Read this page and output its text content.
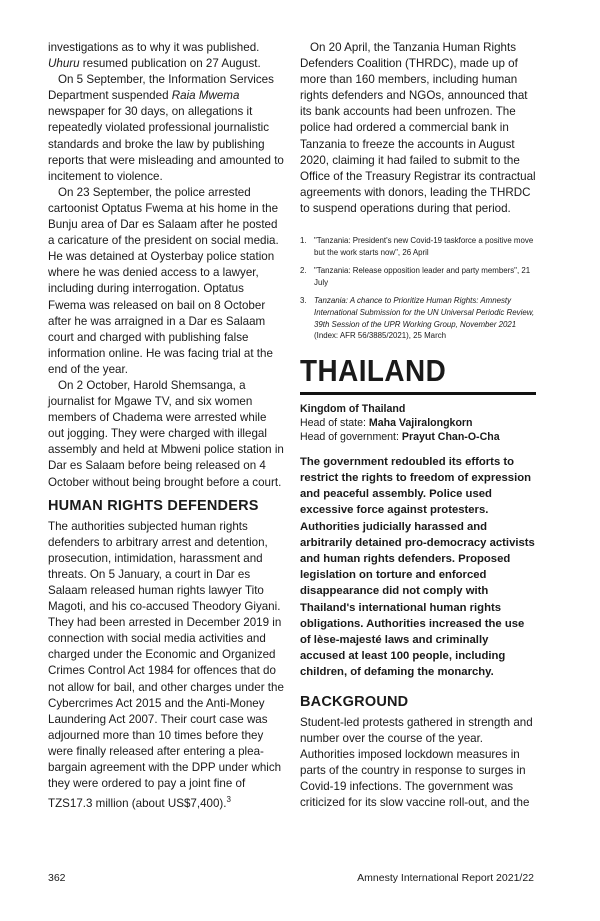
investigations as to why it was published. Uhuru resumed publication on 27 August.

On 5 September, the Information Services Department suspended Raia Mwema newspaper for 30 days, on allegations it repeatedly violated professional journalistic standards and broke the law by publishing reports that were misleading and amounted to incitement to violence.

On 23 September, the police arrested cartoonist Optatus Fwema at his home in the Bunju area of Dar es Salaam after he posted a caricature of the president on social media. He was detained at Oysterbay police station where he was denied access to a lawyer, including during interrogation. Optatus Fwema was released on bail on 8 October after he was arraigned in a Dar es Salaam court and charged with publishing false information online. He was facing trial at the end of the year.

On 2 October, Harold Shemsanga, a journalist for Mgawe TV, and six women members of Chadema were arrested while out jogging. They were charged with illegal assembly and held at Mbweni police station in Dar es Salaam before being released on 4 October without being brought before a court.

HUMAN RIGHTS DEFENDERS

The authorities subjected human rights defenders to arbitrary arrest and detention, prosecution, intimidation, harassment and threats. On 5 January, a court in Dar es Salaam released human rights lawyer Tito Magoti, and his co-accused Theodory Giyani. They had been arrested in December 2019 in connection with social media activities and charged under the Economic and Organized Crimes Control Act 1984 for offences that do not allow for bail, and other charges under the Cybercrimes Act 2015 and the Anti-Money Laundering Act 2007. Their court case was adjourned more than 10 times before they were finally released after entering a plea-bargain agreement with the DPP under which they were ordered to pay a joint fine of TZS17.3 million (about US$7,400).$^3$

On 20 April, the Tanzania Human Rights Defenders Coalition (THRDC), made up of more than 160 members, including human rights defenders and NGOs, announced that its bank accounts had been unfrozen. The police had ordered a commercial bank in Tanzania to freeze the accounts in August 2020, claiming it had failed to submit to the Office of the Treasury Registrar its contractual agreements with donors, leading the THRDC to suspend operations during that period.

1. "Tanzania: President's new Covid-19 taskforce a positive move but the work starts now", 26 April
2. "Tanzania: Release opposition leader and party members", 21 July
3. Tanzania: A chance to Prioritize Human Rights: Amnesty International Submission for the UN Universal Periodic Review, 39th Session of the UPR Working Group, November 2021 (Index: AFR 56/3885/2021), 25 March
THAILAND
Kingdom of Thailand
Head of state: Maha Vajiralongkorn
Head of government: Prayut Chan-O-Cha

The government redoubled its efforts to restrict the rights to freedom of expression and peaceful assembly. Police used excessive force against protesters. Authorities judicially harassed and arbitrarily detained pro-democracy activists and human rights defenders. Proposed legislation on torture and enforced disappearance did not comply with Thailand's international human rights obligations. Authorities increased the use of lèse-majesté laws and criminally accused at least 100 people, including children, of defaming the monarchy.

BACKGROUND

Student-led protests gathered in strength and number over the course of the year. Authorities imposed lockdown measures in parts of the country in response to surges in Covid-19 infections. The government was criticized for its slow vaccine roll-out, and the

362	Amnesty International Report 2021/22
